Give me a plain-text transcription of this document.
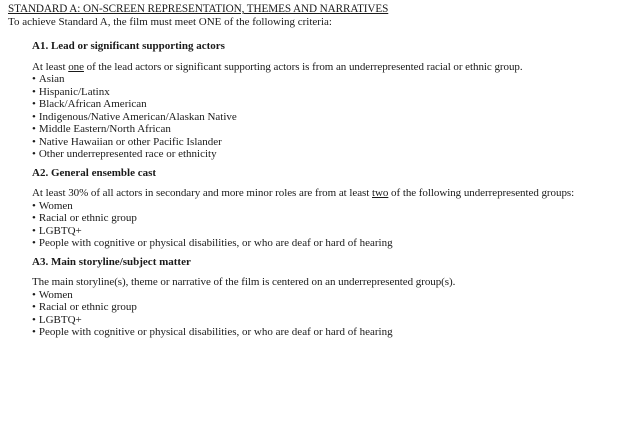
STANDARD A: ON-SCREEN REPRESENTATION, THEMES AND NARRATIVES
To achieve Standard A, the film must meet ONE of the following criteria:
A1. Lead or significant supporting actors
At least one of the lead actors or significant supporting actors is from an underrepresented racial or ethnic group.
• Asian
• Hispanic/Latinx
• Black/African American
• Indigenous/Native American/Alaskan Native
• Middle Eastern/North African
• Native Hawaiian or other Pacific Islander
• Other underrepresented race or ethnicity
A2. General ensemble cast
At least 30% of all actors in secondary and more minor roles are from at least two of the following underrepresented groups:
• Women
• Racial or ethnic group
• LGBTQ+
• People with cognitive or physical disabilities, or who are deaf or hard of hearing
A3. Main storyline/subject matter
The main storyline(s), theme or narrative of the film is centered on an underrepresented group(s).
• Women
• Racial or ethnic group
• LGBTQ+
• People with cognitive or physical disabilities, or who are deaf or hard of hearing
